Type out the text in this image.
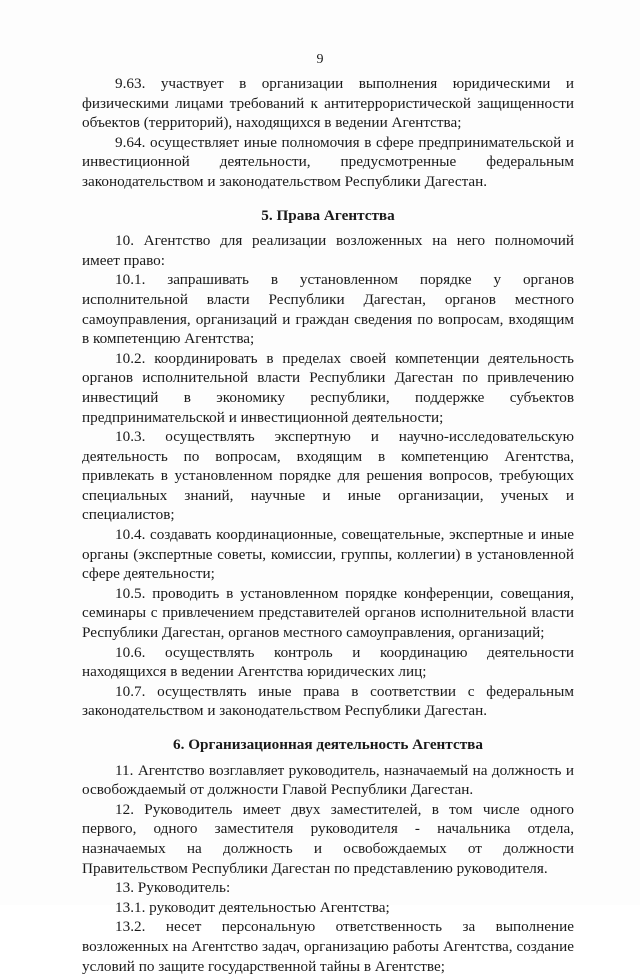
9

9.63. участвует в организации выполнения юридическими и физическими лицами требований к антитеррористической защищенности объектов (территорий), находящихся в ведении Агентства;

9.64. осуществляет иные полномочия в сфере предпринимательской и инвестиционной деятельности, предусмотренные федеральным законодательством и законодательством Республики Дагестан.

5. Права Агентства

10. Агентство для реализации возложенных на него полномочий имеет право:

10.1. запрашивать в установленном порядке у органов исполнительной власти Республики Дагестан, органов местного самоуправления, организаций и граждан сведения по вопросам, входящим в компетенцию Агентства;

10.2. координировать в пределах своей компетенции деятельность органов исполнительной власти Республики Дагестан по привлечению инвестиций в экономику республики, поддержке субъектов предпринимательской и инвестиционной деятельности;

10.3. осуществлять экспертную и научно-исследовательскую деятельность по вопросам, входящим в компетенцию Агентства, привлекать в установленном порядке для решения вопросов, требующих специальных знаний, научные и иные организации, ученых и специалистов;

10.4. создавать координационные, совещательные, экспертные и иные органы (экспертные советы, комиссии, группы, коллегии) в установленной сфере деятельности;

10.5. проводить в установленном порядке конференции, совещания, семинары с привлечением представителей органов исполнительной власти Республики Дагестан, органов местного самоуправления, организаций;

10.6. осуществлять контроль и координацию деятельности находящихся в ведении Агентства юридических лиц;

10.7. осуществлять иные права в соответствии с федеральным законодательством и законодательством Республики Дагестан.

6. Организационная деятельность Агентства

11. Агентство возглавляет руководитель, назначаемый на должность и освобождаемый от должности Главой Республики Дагестан.

12. Руководитель имеет двух заместителей, в том числе одного первого, одного заместителя руководителя - начальника отдела, назначаемых на должность и освобождаемых от должности Правительством Республики Дагестан по представлению руководителя.

13. Руководитель:

13.1. руководит деятельностью Агентства;

13.2. несет персональную ответственность за выполнение возложенных на Агентство задач, организацию работы Агентства, создание условий по защите государственной тайны в Агентстве;
